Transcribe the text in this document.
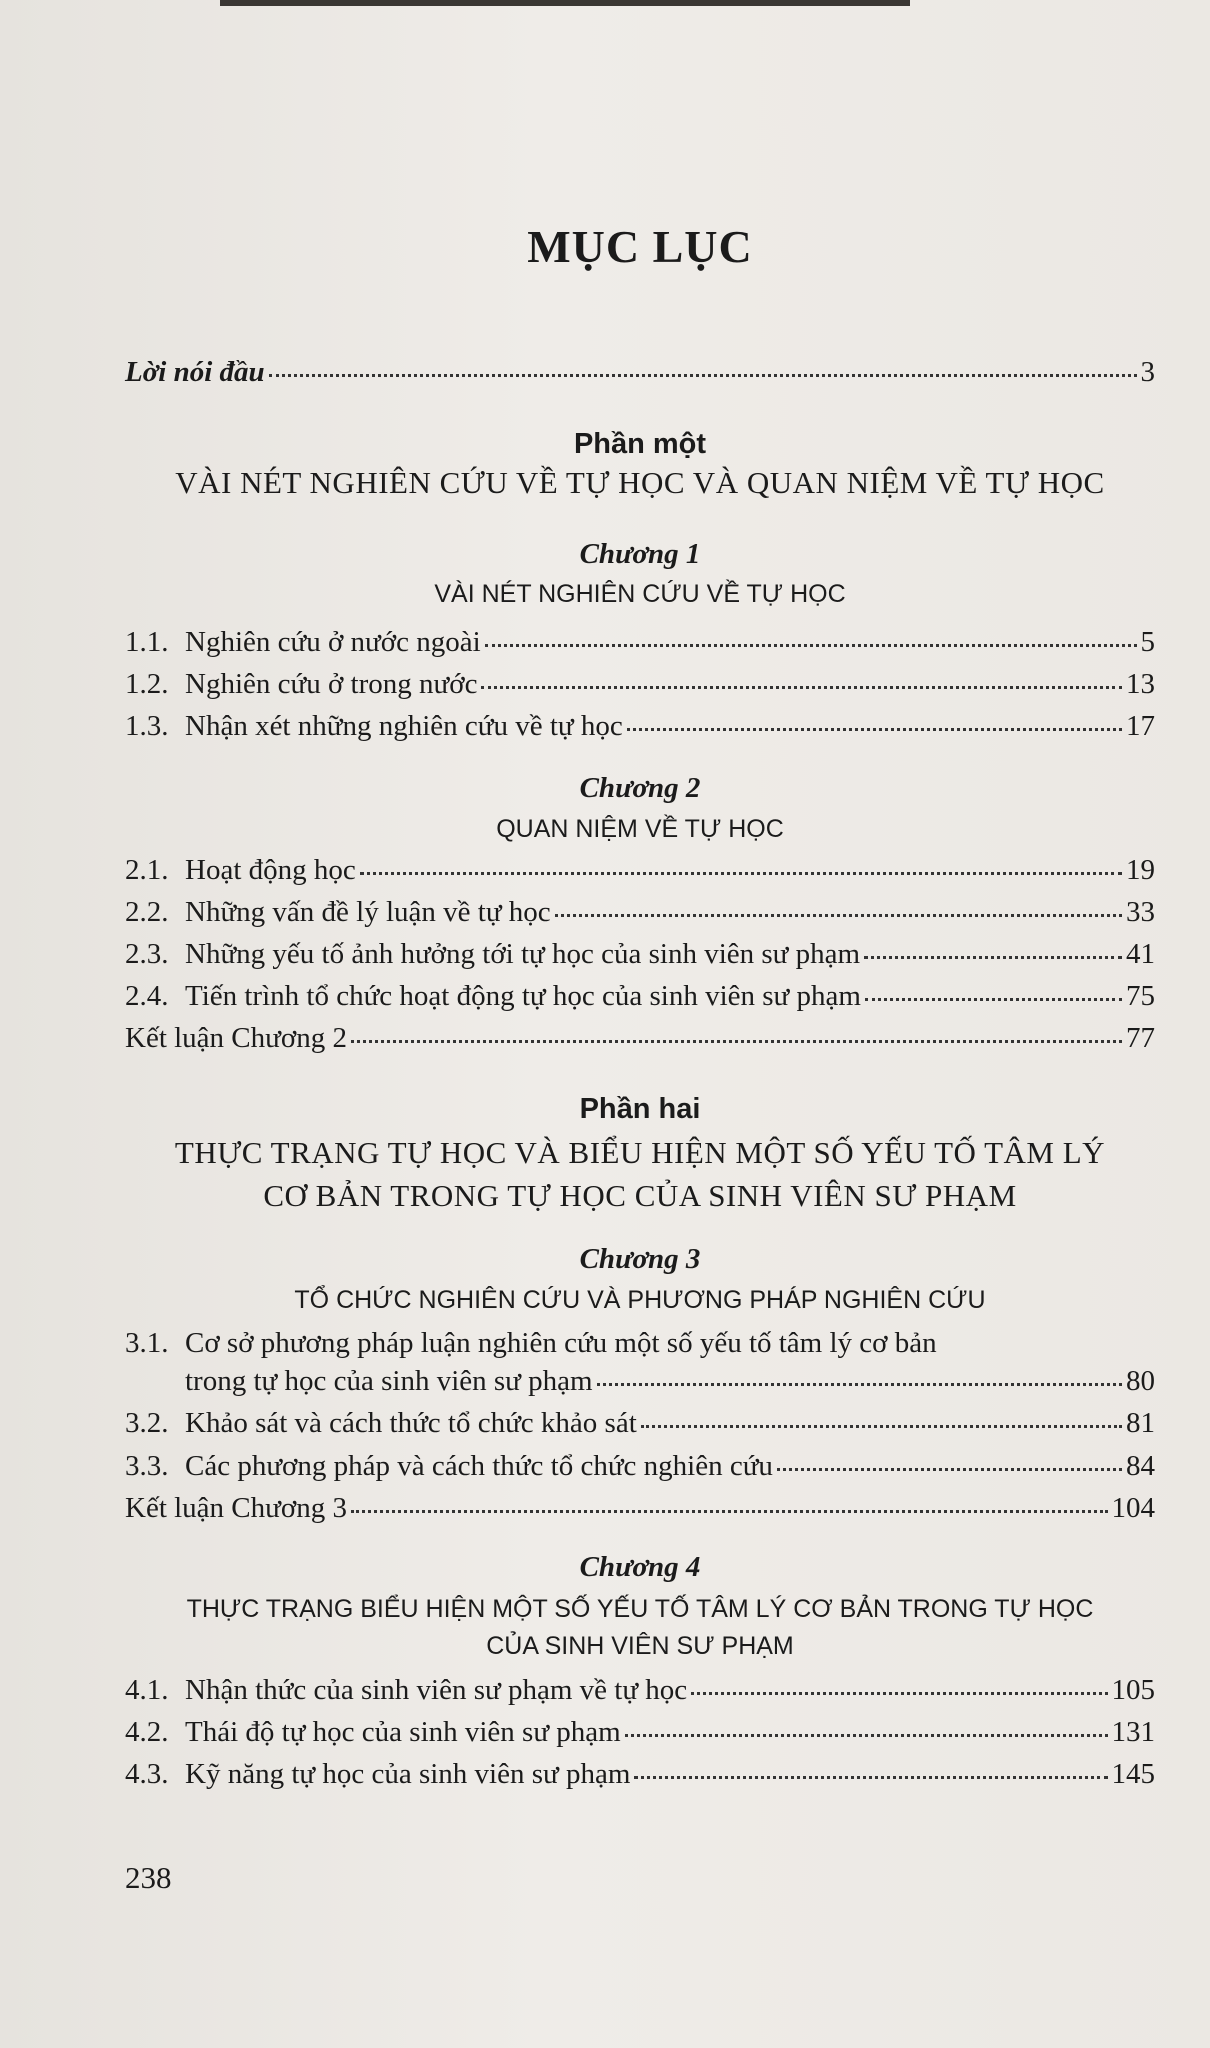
MỤC LỤC
Lời nói đầu	3
Phần một
VÀI NÉT NGHIÊN CỨU VỀ TỰ HỌC VÀ QUAN NIỆM VỀ TỰ HỌC
Chương 1
VÀI NÉT NGHIÊN CỨU VỀ TỰ HỌC
1.1. Nghiên cứu ở nước ngoài	5
1.2. Nghiên cứu ở trong nước	13
1.3. Nhận xét những nghiên cứu về tự học	17
Chương 2
QUAN NIỆM VỀ TỰ HỌC
2.1. Hoạt động học	19
2.2. Những vấn đề lý luận về tự học	33
2.3. Những yếu tố ảnh hưởng tới tự học của sinh viên sư phạm	41
2.4. Tiến trình tổ chức hoạt động tự học của sinh viên sư phạm	75
Kết luận Chương 2	77
Phần hai
THỰC TRẠNG TỰ HỌC VÀ BIỂU HIỆN MỘT SỐ YẾU TỐ TÂM LÝ
CƠ BẢN TRONG TỰ HỌC CỦA SINH VIÊN SƯ PHẠM
Chương 3
TỔ CHỨC NGHIÊN CỨU VÀ PHƯƠNG PHÁP NGHIÊN CỨU
3.1. Cơ sở phương pháp luận nghiên cứu một số yếu tố tâm lý cơ bản
trong tự học của sinh viên sư phạm	80
3.2. Khảo sát và cách thức tổ chức khảo sát	81
3.3. Các phương pháp và cách thức tổ chức nghiên cứu	84
Kết luận Chương 3	104
Chương 4
THỰC TRẠNG BIỂU HIỆN MỘT SỐ YẾU TỐ TÂM LÝ CƠ BẢN TRONG TỰ HỌC
CỦA SINH VIÊN SƯ PHẠM
4.1. Nhận thức của sinh viên sư phạm về tự học	105
4.2. Thái độ tự học của sinh viên sư phạm	131
4.3. Kỹ năng tự học của sinh viên sư phạm	145
238
